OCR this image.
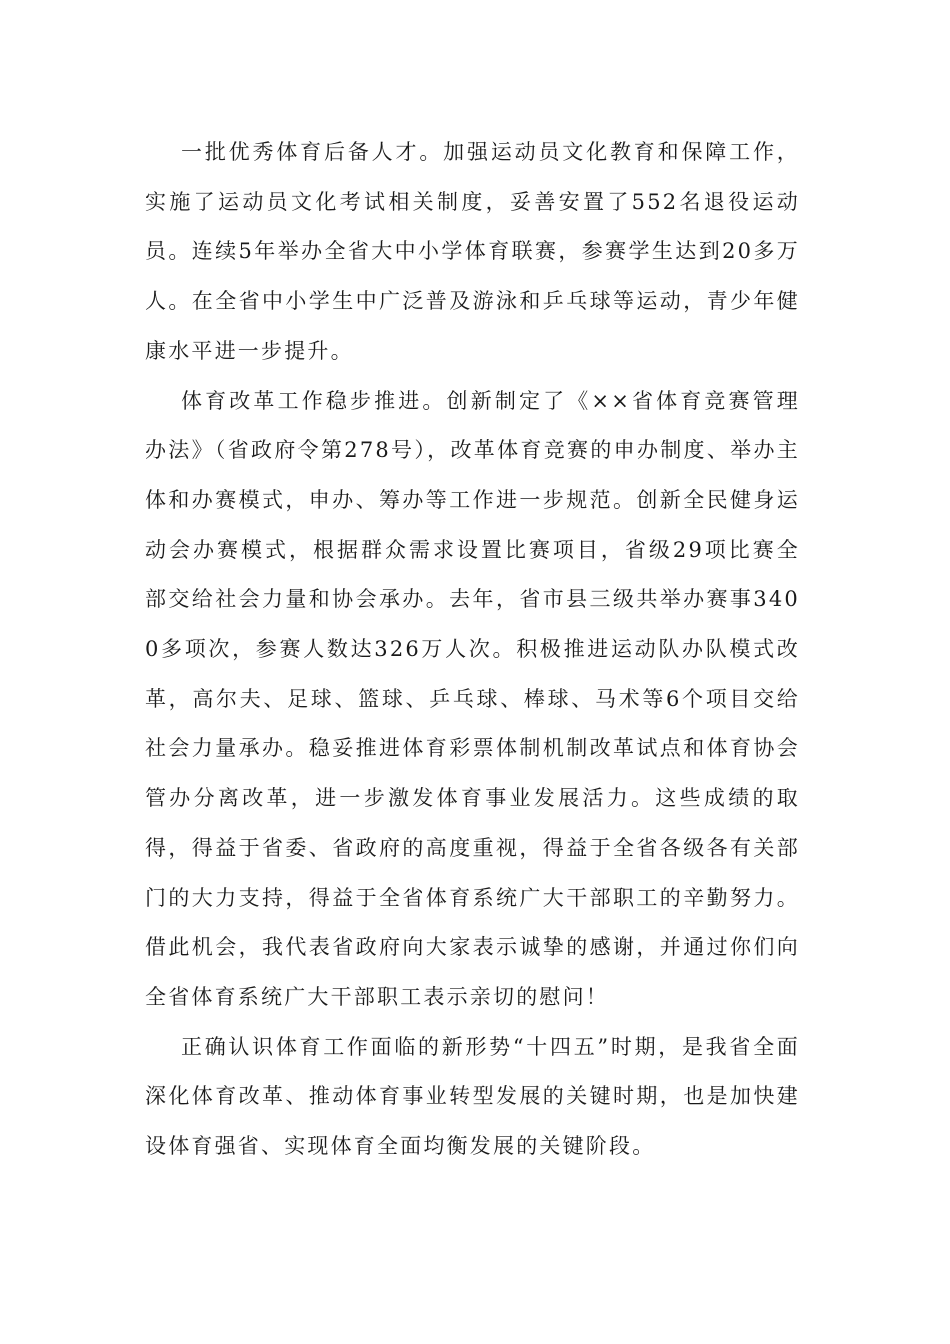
一批优秀体育后备人才。加强运动员文化教育和保障工作，实施了运动员文化考试相关制度，妥善安置了552名退役运动员。连续5年举办全省大中小学体育联赛，参赛学生达到20多万人。在全省中小学生中广泛普及游泳和乒乓球等运动，青少年健康水平进一步提升。

体育改革工作稳步推进。创新制定了《××省体育竞赛管理办法》（省政府令第278号），改革体育竞赛的申办制度、举办主体和办赛模式，申办、筹办等工作进一步规范。创新全民健身运动会办赛模式，根据群众需求设置比赛项目，省级29项比赛全部交给社会力量和协会承办。去年，省市县三级共举办赛事3400多项次，参赛人数达326万人次。积极推进运动队办队模式改革，高尔夫、足球、篮球、乒乓球、棒球、马术等6个项目交给社会力量承办。稳妥推进体育彩票体制机制改革试点和体育协会管办分离改革，进一步激发体育事业发展活力。这些成绩的取得，得益于省委、省政府的高度重视，得益于全省各级各有关部门的大力支持，得益于全省体育系统广大干部职工的辛勤努力。借此机会，我代表省政府向大家表示诚挚的感谢，并通过你们向全省体育系统广大干部职工表示亲切的慰问！

正确认识体育工作面临的新形势“十四五”时期，是我省全面深化体育改革、推动体育事业转型发展的关键时期，也是加快建设体育强省、实现体育全面均衡发展的关键阶段。
